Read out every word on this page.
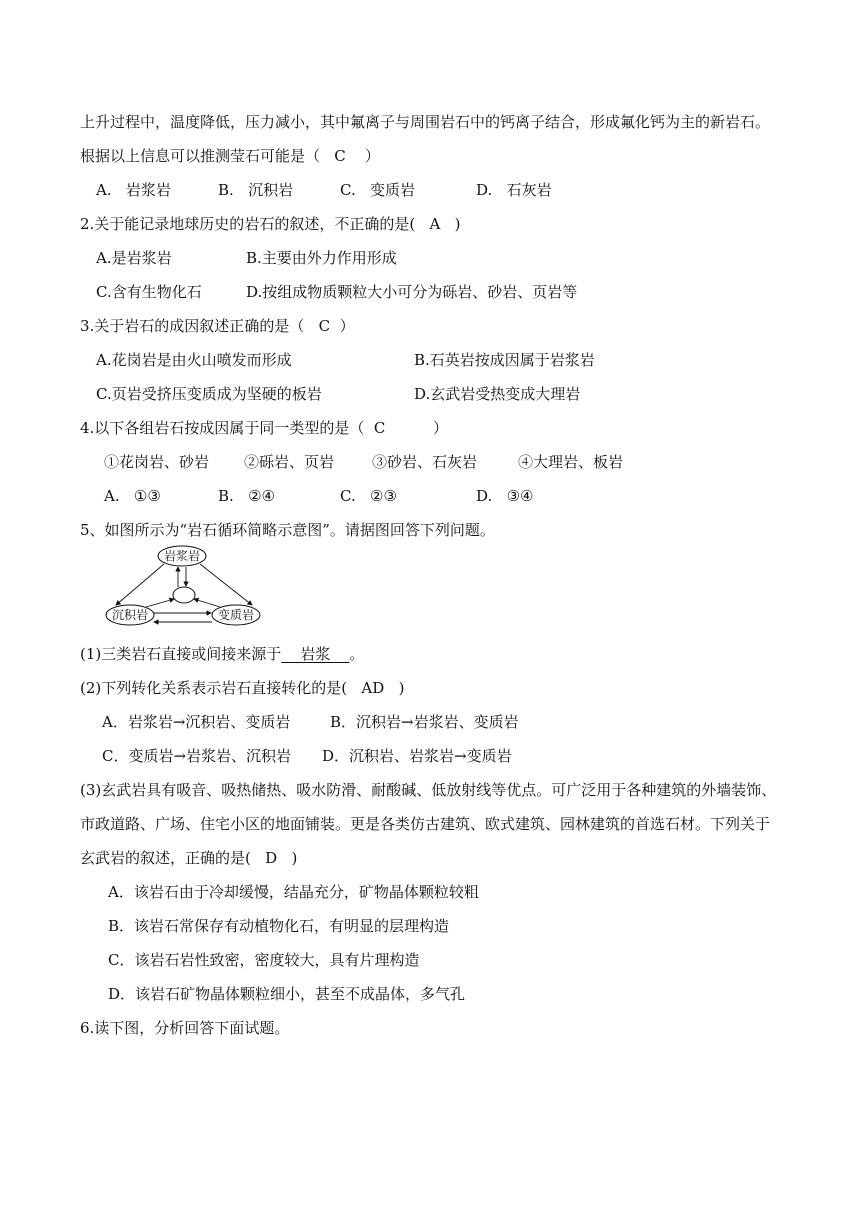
上升过程中，温度降低，压力减小，其中氟离子与周围岩石中的钙离子结合，形成氟化钙为主的新岩石。
根据以上信息可以推测莹石可能是（   C    ）
A.   岩浆岩	B.   沉积岩	C.   变质岩	D.   石灰岩
2.关于能记录地球历史的岩石的叙述，不正确的是(   A   )
A.是岩浆岩	B.主要由外力作用形成
C.含有生物化石	D.按组成物质颗粒大小可分为砾岩、砂岩、页岩等
3.关于岩石的成因叙述正确的是（   C  ）
A.花岗岩是由火山喷发而形成	B.石英岩按成因属于岩浆岩
C.页岩受挤压变质成为坚硬的板岩	D.玄武岩受热变成大理岩
4.以下各组岩石按成因属于同一类型的是（  C          ）
①花岗岩、砂岩 ②砾岩、页岩	③砂岩、石灰岩	④大理岩、板岩
A.   ①③	B.   ②④	C.   ②③	D.   ③④
5、如图所示为“岩石循环简略示意图”。请据图回答下列问题。
岩浆岩
沉积岩	变质岩
(1)三类岩石直接或间接来源于    岩浆    。
(2)下列转化关系表示岩石直接转化的是(   AD   )
A．岩浆岩→沉积岩、变质岩	B．沉积岩→岩浆岩、变质岩
C．变质岩→岩浆岩、沉积岩 D．沉积岩、岩浆岩→变质岩
(3)玄武岩具有吸音、吸热储热、吸水防滑、耐酸碱、低放射线等优点。可广泛用于各种建筑的外墙装饰、
市政道路、广场、住宅小区的地面铺装。更是各类仿古建筑、欧式建筑、园林建筑的首选石材。下列关于
玄武岩的叙述，正确的是(   D   )
A．该岩石由于冷却缓慢，结晶充分，矿物晶体颗粒较粗
B．该岩石常保存有动植物化石，有明显的层理构造
C．该岩石岩性致密，密度较大，具有片理构造
D．该岩石矿物晶体颗粒细小，甚至不成晶体，多气孔
6.读下图，分析回答下面试题。
